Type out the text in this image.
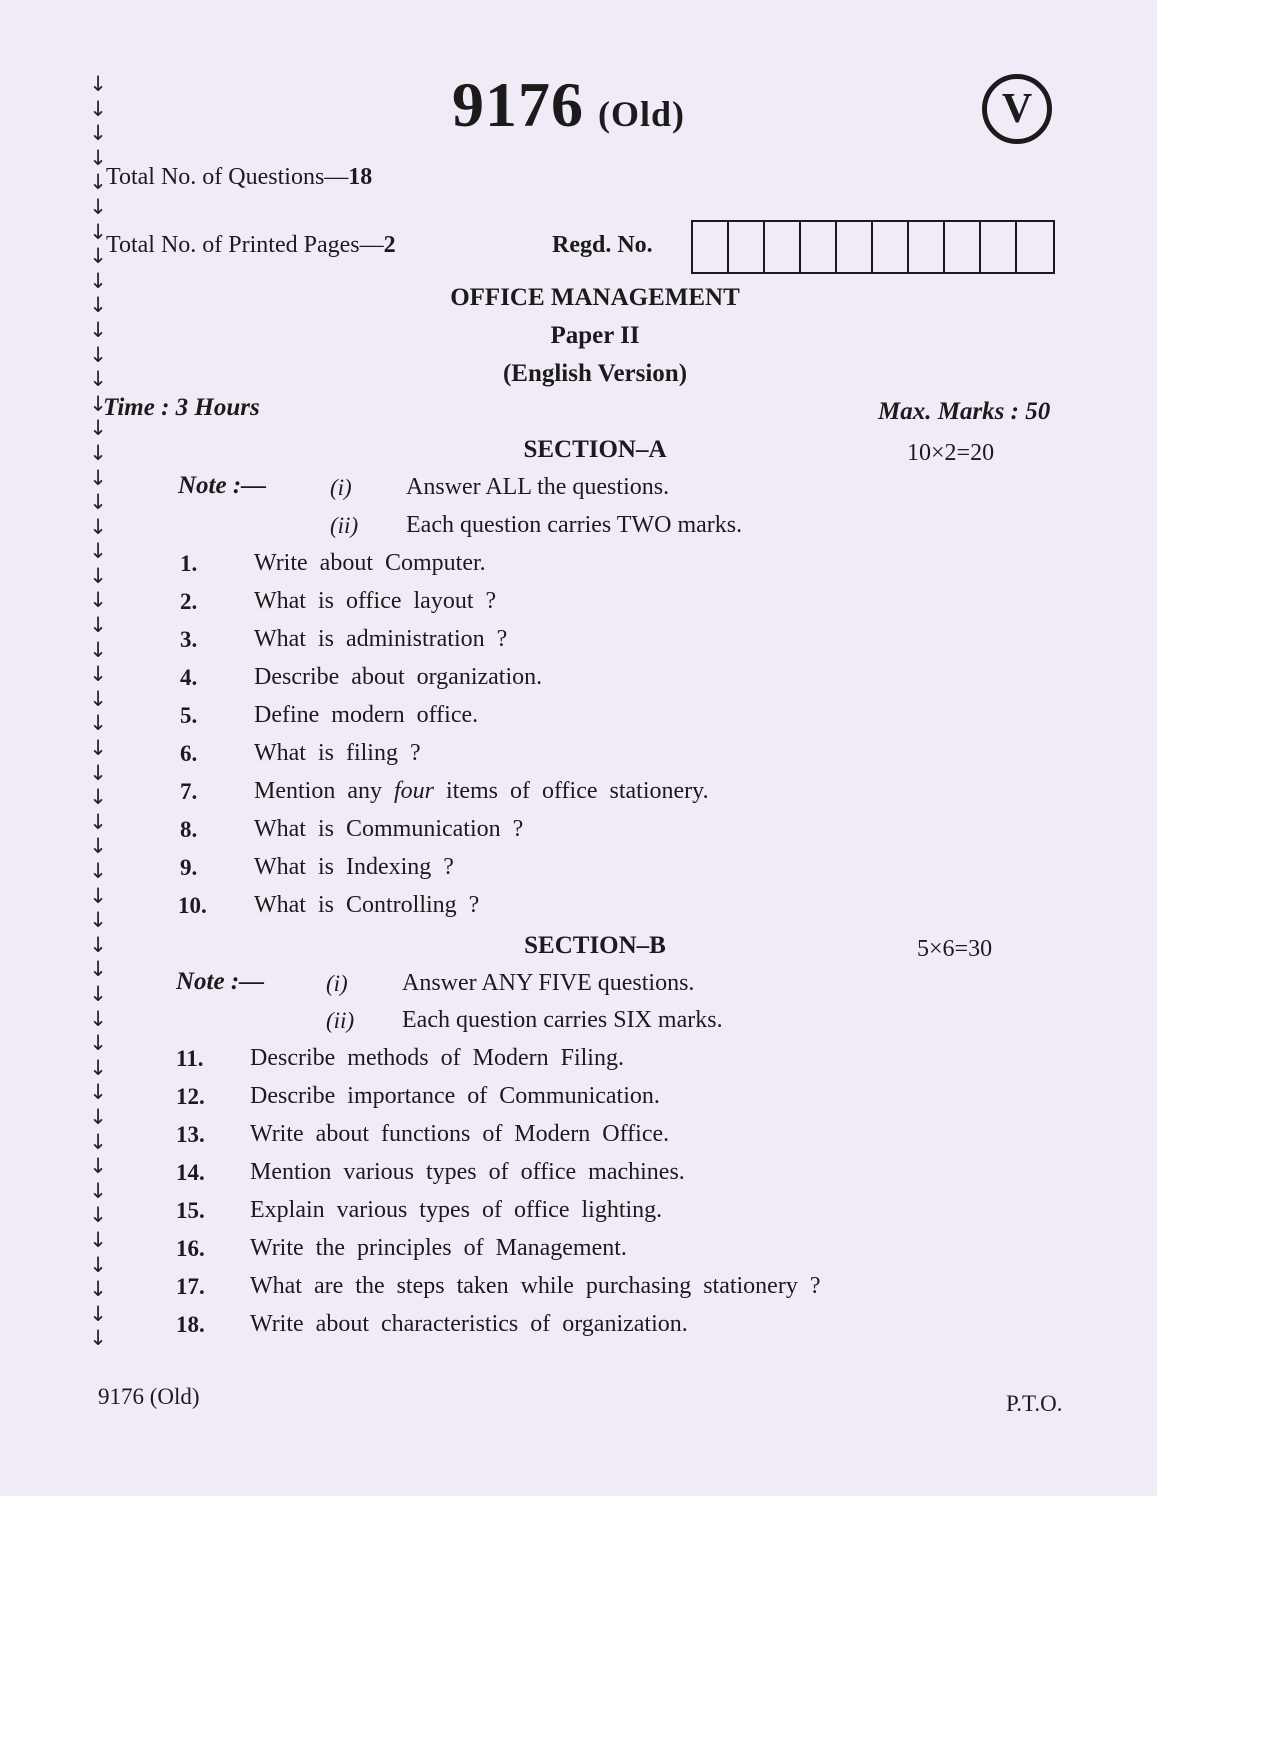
↓
↓
↓
↓
↓
↓
↓
↓
↓
↓
↓
↓
↓
↓
↓
↓
↓
↓
↓
↓
↓
↓
↓
↓
↓
↓
↓
↓
↓
↓
↓
↓
↓
↓
↓
↓
↓
↓
↓
↓
↓
↓
↓
↓
↓
↓
↓
↓
↓
↓
↓
↓
9176 (Old)	V
Total No. of Questions—18
Total No. of Printed Pages—2	Regd. No.
OFFICE MANAGEMENT
Paper II
(English Version)
Time : 3 Hours	Max. Marks : 50
SECTION–A	10×2=20
Note :—	(i) Answer ALL the questions.
(ii) Each question carries TWO marks.
1. Write about Computer.
2. What is office layout ?
3. What is administration ?
4. Describe about organization.
5. Define modern office.
6. What is filing ?
7. Mention any four items of office stationery.
8. What is Communication ?
9. What is Indexing ?
10. What is Controlling ?
SECTION–B	5×6=30
Note :—	(i) Answer ANY FIVE questions.
(ii) Each question carries SIX marks.
11. Describe methods of Modern Filing.
12. Describe importance of Communication.
13. Write about functions of Modern Office.
14. Mention various types of office machines.
15. Explain various types of office lighting.
16. Write the principles of Management.
17. What are the steps taken while purchasing stationery ?
18. Write about characteristics of organization.
9176 (Old)	P.T.O.
